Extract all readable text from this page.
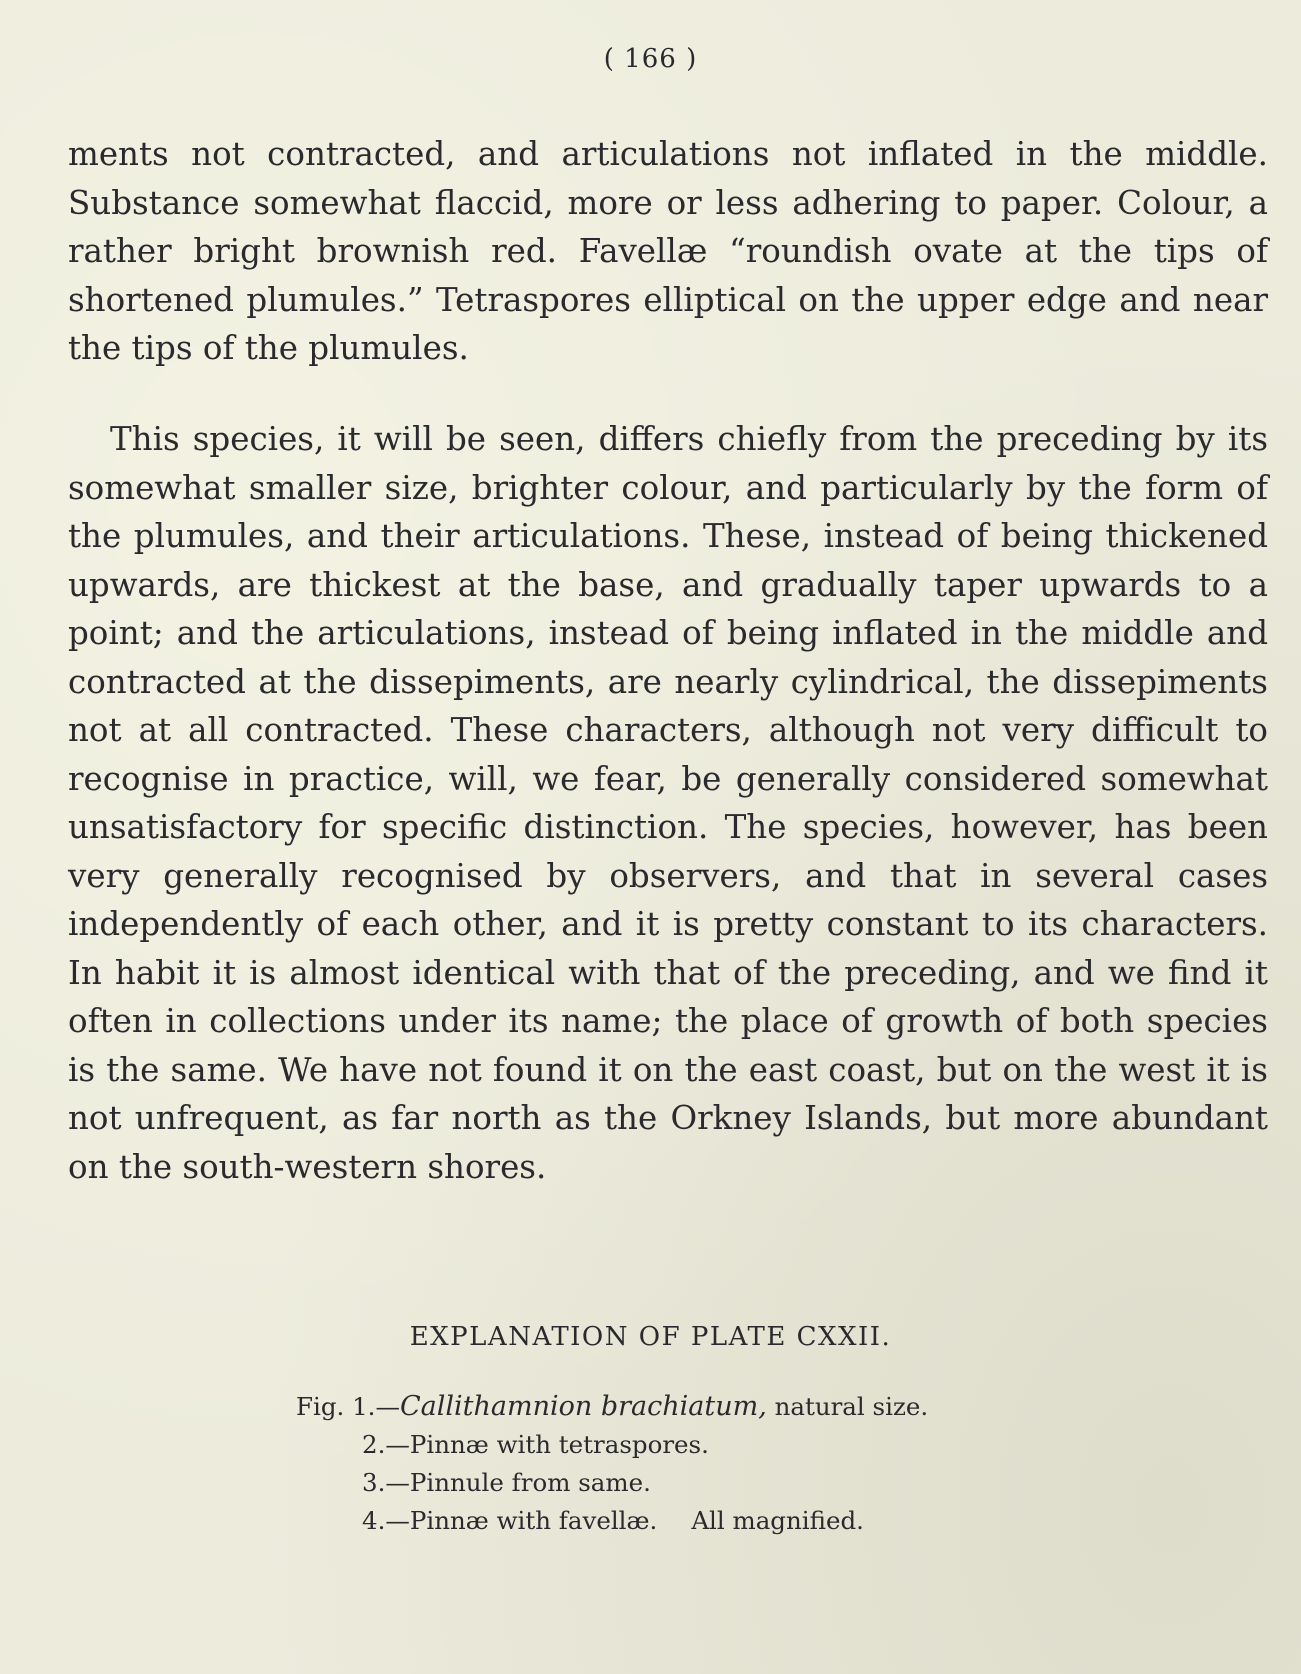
( 166 )

ments not contracted, and articulations not inflated in the middle. Substance somewhat flaccid, more or less adhering to paper. Colour, a rather bright brownish red. Favellæ “roundish ovate at the tips of shortened plumules.” Tetraspores elliptical on the upper edge and near the tips of the plumules.

This species, it will be seen, differs chiefly from the preceding by its somewhat smaller size, brighter colour, and particularly by the form of the plumules, and their articulations. These, instead of being thickened upwards, are thickest at the base, and gradually taper upwards to a point; and the articulations, instead of being inflated in the middle and contracted at the dissepiments, are nearly cylindrical, the dissepiments not at all contracted. These characters, although not very difficult to recognise in practice, will, we fear, be generally considered somewhat unsatisfactory for specific distinction. The species, however, has been very generally recognised by observers, and that in several cases independently of each other, and it is pretty constant to its characters. In habit it is almost identical with that of the preceding, and we find it often in collections under its name; the place of growth of both species is the same. We have not found it on the east coast, but on the west it is not unfrequent, as far north as the Orkney Islands, but more abundant on the south-western shores.

EXPLANATION OF PLATE CXXII.
Fig. 1.—Callithamnion brachiatum, natural size.
2.—Pinnæ with tetraspores.
3.—Pinnule from same.
4.—Pinnæ with favellæ. All magnified.
